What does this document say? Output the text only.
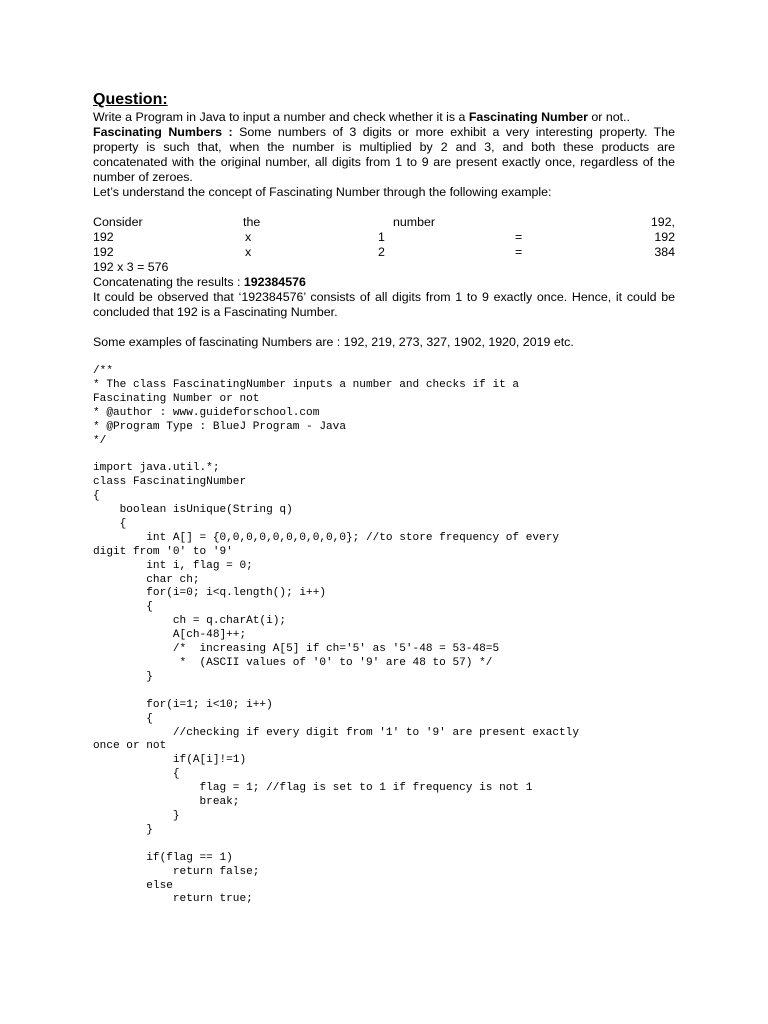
Question:

Write a Program in Java to input a number and check whether it is a Fascinating Number or not..

Fascinating Numbers : Some numbers of 3 digits or more exhibit a very interesting property. The property is such that, when the number is multiplied by 2 and 3, and both these products are concatenated with the original number, all digits from 1 to 9 are present exactly once, regardless of the number of zeroes.

Let’s understand the concept of Fascinating Number through the following example:

Consider	the	number	192,
192	x	1	=	192
192	x	2	=	384

192 x 3 = 576

Concatenating the results : 192384576

It could be observed that ‘192384576’ consists of all digits from 1 to 9 exactly once. Hence, it could be concluded that 192 is a Fascinating Number.

Some examples of fascinating Numbers are : 192, 219, 273, 327, 1902, 1920, 2019 etc.

/**
* The class FascinatingNumber inputs a number and checks if it a
Fascinating Number or not
* @author : www.guideforschool.com
* @Program Type : BlueJ Program - Java
*/
import java.util.*;
class FascinatingNumber
{
boolean isUnique(String q)
{
int A[] = {0,0,0,0,0,0,0,0,0,0}; //to store frequency of every
digit from '0' to '9'
int i, flag = 0;
char ch;
for(i=0; i<q.length(); i++)
{
ch = q.charAt(i);
A[ch-48]++;
/*  increasing A[5] if ch='5' as '5'-48 = 53-48=5
*  (ASCII values of '0' to '9' are 48 to 57) */
}

for(i=1; i<10; i++)
{
//checking if every digit from '1' to '9' are present exactly
once or not
if(A[i]!=1)
{
flag = 1; //flag is set to 1 if frequency is not 1
break;
}
}

if(flag == 1)
return false;
else
return true;
